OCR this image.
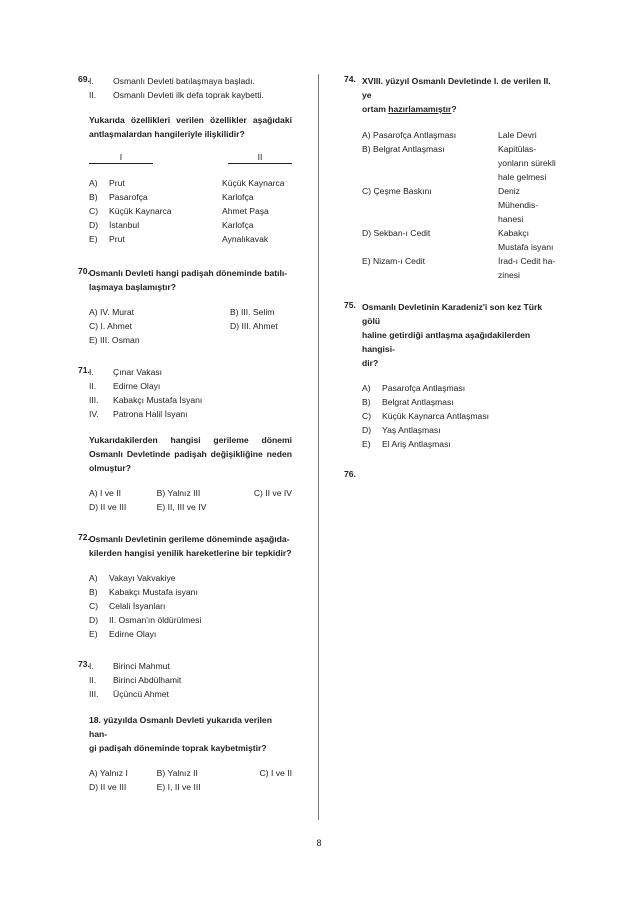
69. I.	Osmanlı Devleti batılaşmaya başladı.
II.	Osmanlı Devleti ilk defa toprak kaybetti.
Yukarıda özellikleri verilen özellikler aşağıdaki
antlaşmalardan hangileriyle ilişkilidir?
I	II
A)	Prut	Küçük Kaynarca
B)	Pasarofça	Karlofça
C)	Küçük Kaynarca	Ahmet Paşa
D)	İstanbul	Karlofça
E)	Prut	Aynalıkavak
70. Osmanlı Devleti hangi padişah döneminde batılı-
laşmaya başlamıştır?
A) IV. Murat	B) III. Selim
C) I. Ahmet	D) III. Ahmet
E) III. Osman
71. I.	Çınar Vakası
II.	Edirne Olayı
III.	Kabakçı Mustafa İsyanı
IV.	Patrona Halil İsyanı
Yukarıdakilerden hangisi gerileme dönemi Osmanlı Devletinde padişah değişikliğine neden
olmuştur?
A) I ve II	B) Yalnız III	C) II ve IV
D) II ve III	E) II, III ve IV
72. Osmanlı Devletinin gerileme döneminde aşağıda-
kilerden hangisi yenilik hareketlerine bir tepkidir?
A)	Vakayı Vakvakiye
B)	Kabakçı Mustafa isyanı
C)	Celali İsyanları
D)	II. Osman'ın öldürülmesi
E)	Edirne Olayı
73. I.	Birinci Mahmut
II.	Birinci Abdülhamit
III.	Üçüncü Ahmet
18. yüzyılda Osmanlı Devleti yukarıda verilen han-
gi padişah döneminde toprak kaybetmiştir?
A) Yalnız I	B) Yalnız II	C) I ve II
D) II ve III	E) I, II ve III
74. XVIII. yüzyıl Osmanlı Devletinde I. de verilen II. ye
ortam hazırlamamıştır?
A) Pasarofça Antlaşması	Lale Devri
B) Belgrat Antlaşması	Kapitülas-
yonların sürekli
hale gelmesi
C) Çeşme Baskını	Deniz
Mühendis-
hanesi
D) Sekban-ı Cedit	Kabakçı
Mustafa isyanı
E) Nizam-ı Cedit	İrad-ı Cedit ha-
zinesi
75. Osmanlı Devletinin Karadeniz'i son kez Türk gölü
haline getirdiği antlaşma aşağıdakilerden hangisi-
dir?
A)	Pasarofça Antlaşması
B)	Belgrat Antlaşması
C)	Küçük Kaynarca Antlaşması
D)	Yaş Antlaşması
E)	El Ariş Antlaşması
76.
8
